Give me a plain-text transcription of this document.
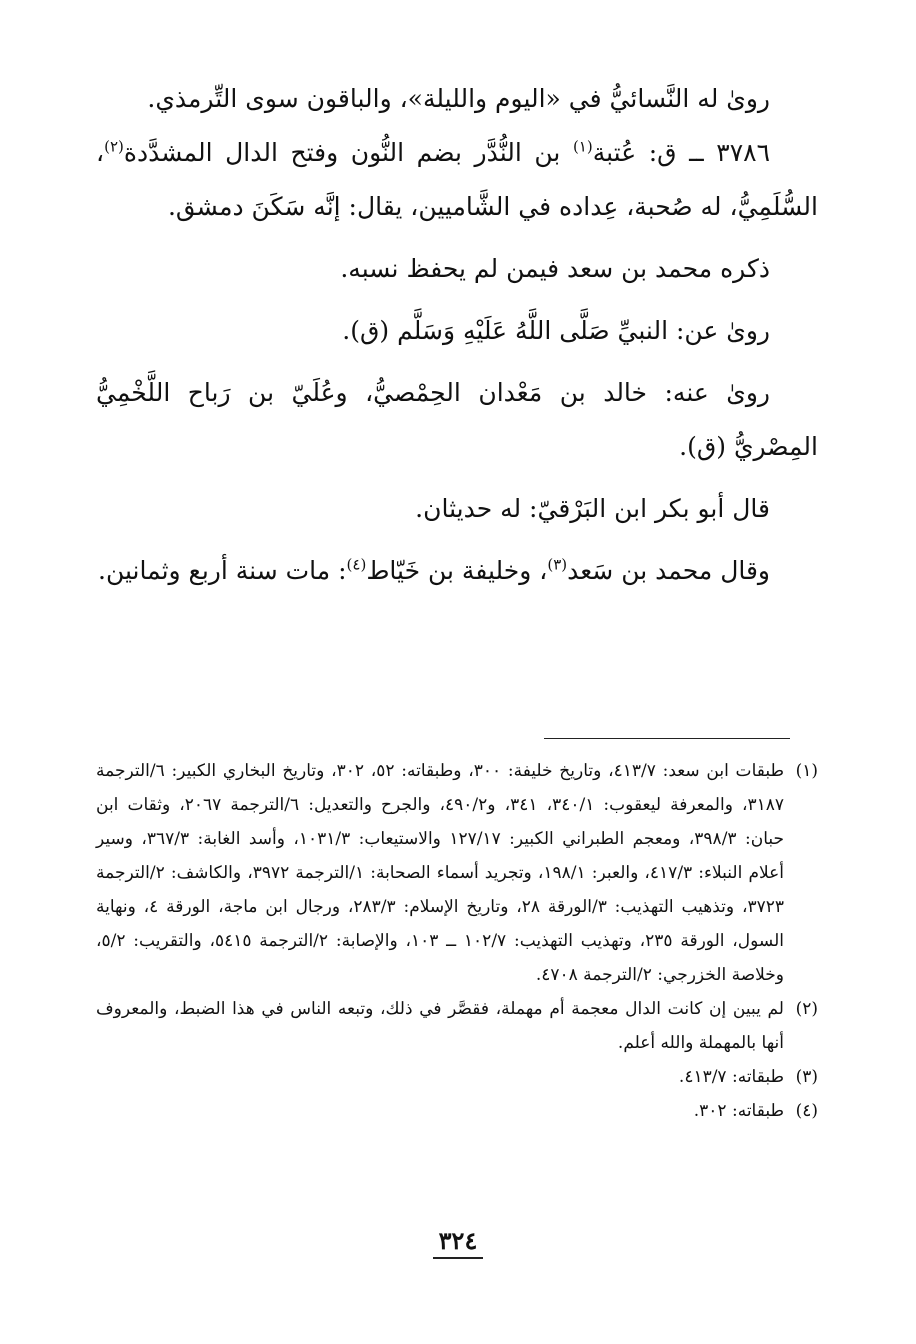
روىٰ له النَّسائيُّ في «اليوم والليلة»، والباقون سوى التِّرمذي.

٣٧٨٦ ــ ق: عُتبة$^{(١)}$ بن النُّدَّر بضم النُّون وفتح الدال المشدَّدة$^{(٢)}$، السُّلَمِيُّ، له صُحبة، عِداده في الشَّاميين، يقال: إنَّه سَكَنَ دمشق.

ذكره محمد بن سعد فيمن لم يحفظ نسبه.

روىٰ عن: النبيِّ صَلَّى اللَّهُ عَلَيْهِ وَسَلَّم (ق).

روىٰ عنه: خالد بن مَعْدان الحِمْصيُّ، وعُلَيّ بن رَباح اللَّخْمِيُّ المِصْريُّ (ق).

قال أبو بكر ابن البَرْقيّ: له حديثان.

وقال محمد بن سَعد$^{(٣)}$، وخليفة بن خَيّاط$^{(٤)}$: مات سنة أربع وثمانين.

(١)
طبقات ابن سعد: ٤١٣/٧، وتاريخ خليفة: ٣٠٠، وطبقاته: ٥٢، ٣٠٢، وتاريخ البخاري الكبير: ٦/الترجمة ٣١٨٧، والمعرفة ليعقوب: ٣٤٠/١، ٣٤١، و٤٩٠/٢، والجرح والتعديل: ٦/الترجمة ٢٠٦٧، وثقات ابن حبان: ٣٩٨/٣، ومعجم الطبراني الكبير: ١٢٧/١٧ والاستيعاب: ١٠٣١/٣، وأسد الغابة: ٣٦٧/٣، وسير أعلام النبلاء: ٤١٧/٣، والعبر: ١٩٨/١، وتجريد أسماء الصحابة: ١/الترجمة ٣٩٧٢، والكاشف: ٢/الترجمة ٣٧٢٣، وتذهيب التهذيب: ٣/الورقة ٢٨، وتاريخ الإسلام: ٢٨٣/٣، ورجال ابن ماجة، الورقة ٤، ونهاية السول، الورقة ٢٣٥، وتهذيب التهذيب: ١٠٢/٧ ــ ١٠٣، والإصابة: ٢/الترجمة ٥٤١٥، والتقريب: ٥/٢، وخلاصة الخزرجي: ٢/الترجمة ٤٧٠٨.
(٢)
لم يبين إن كانت الدال معجمة أم مهملة، فقصَّر في ذلك، وتبعه الناس في هذا الضبط، والمعروف أنها بالمهملة والله أعلم.
(٣)
طبقاته: ٤١٣/٧.
(٤)
طبقاته: ٣٠٢.
٣٢٤
